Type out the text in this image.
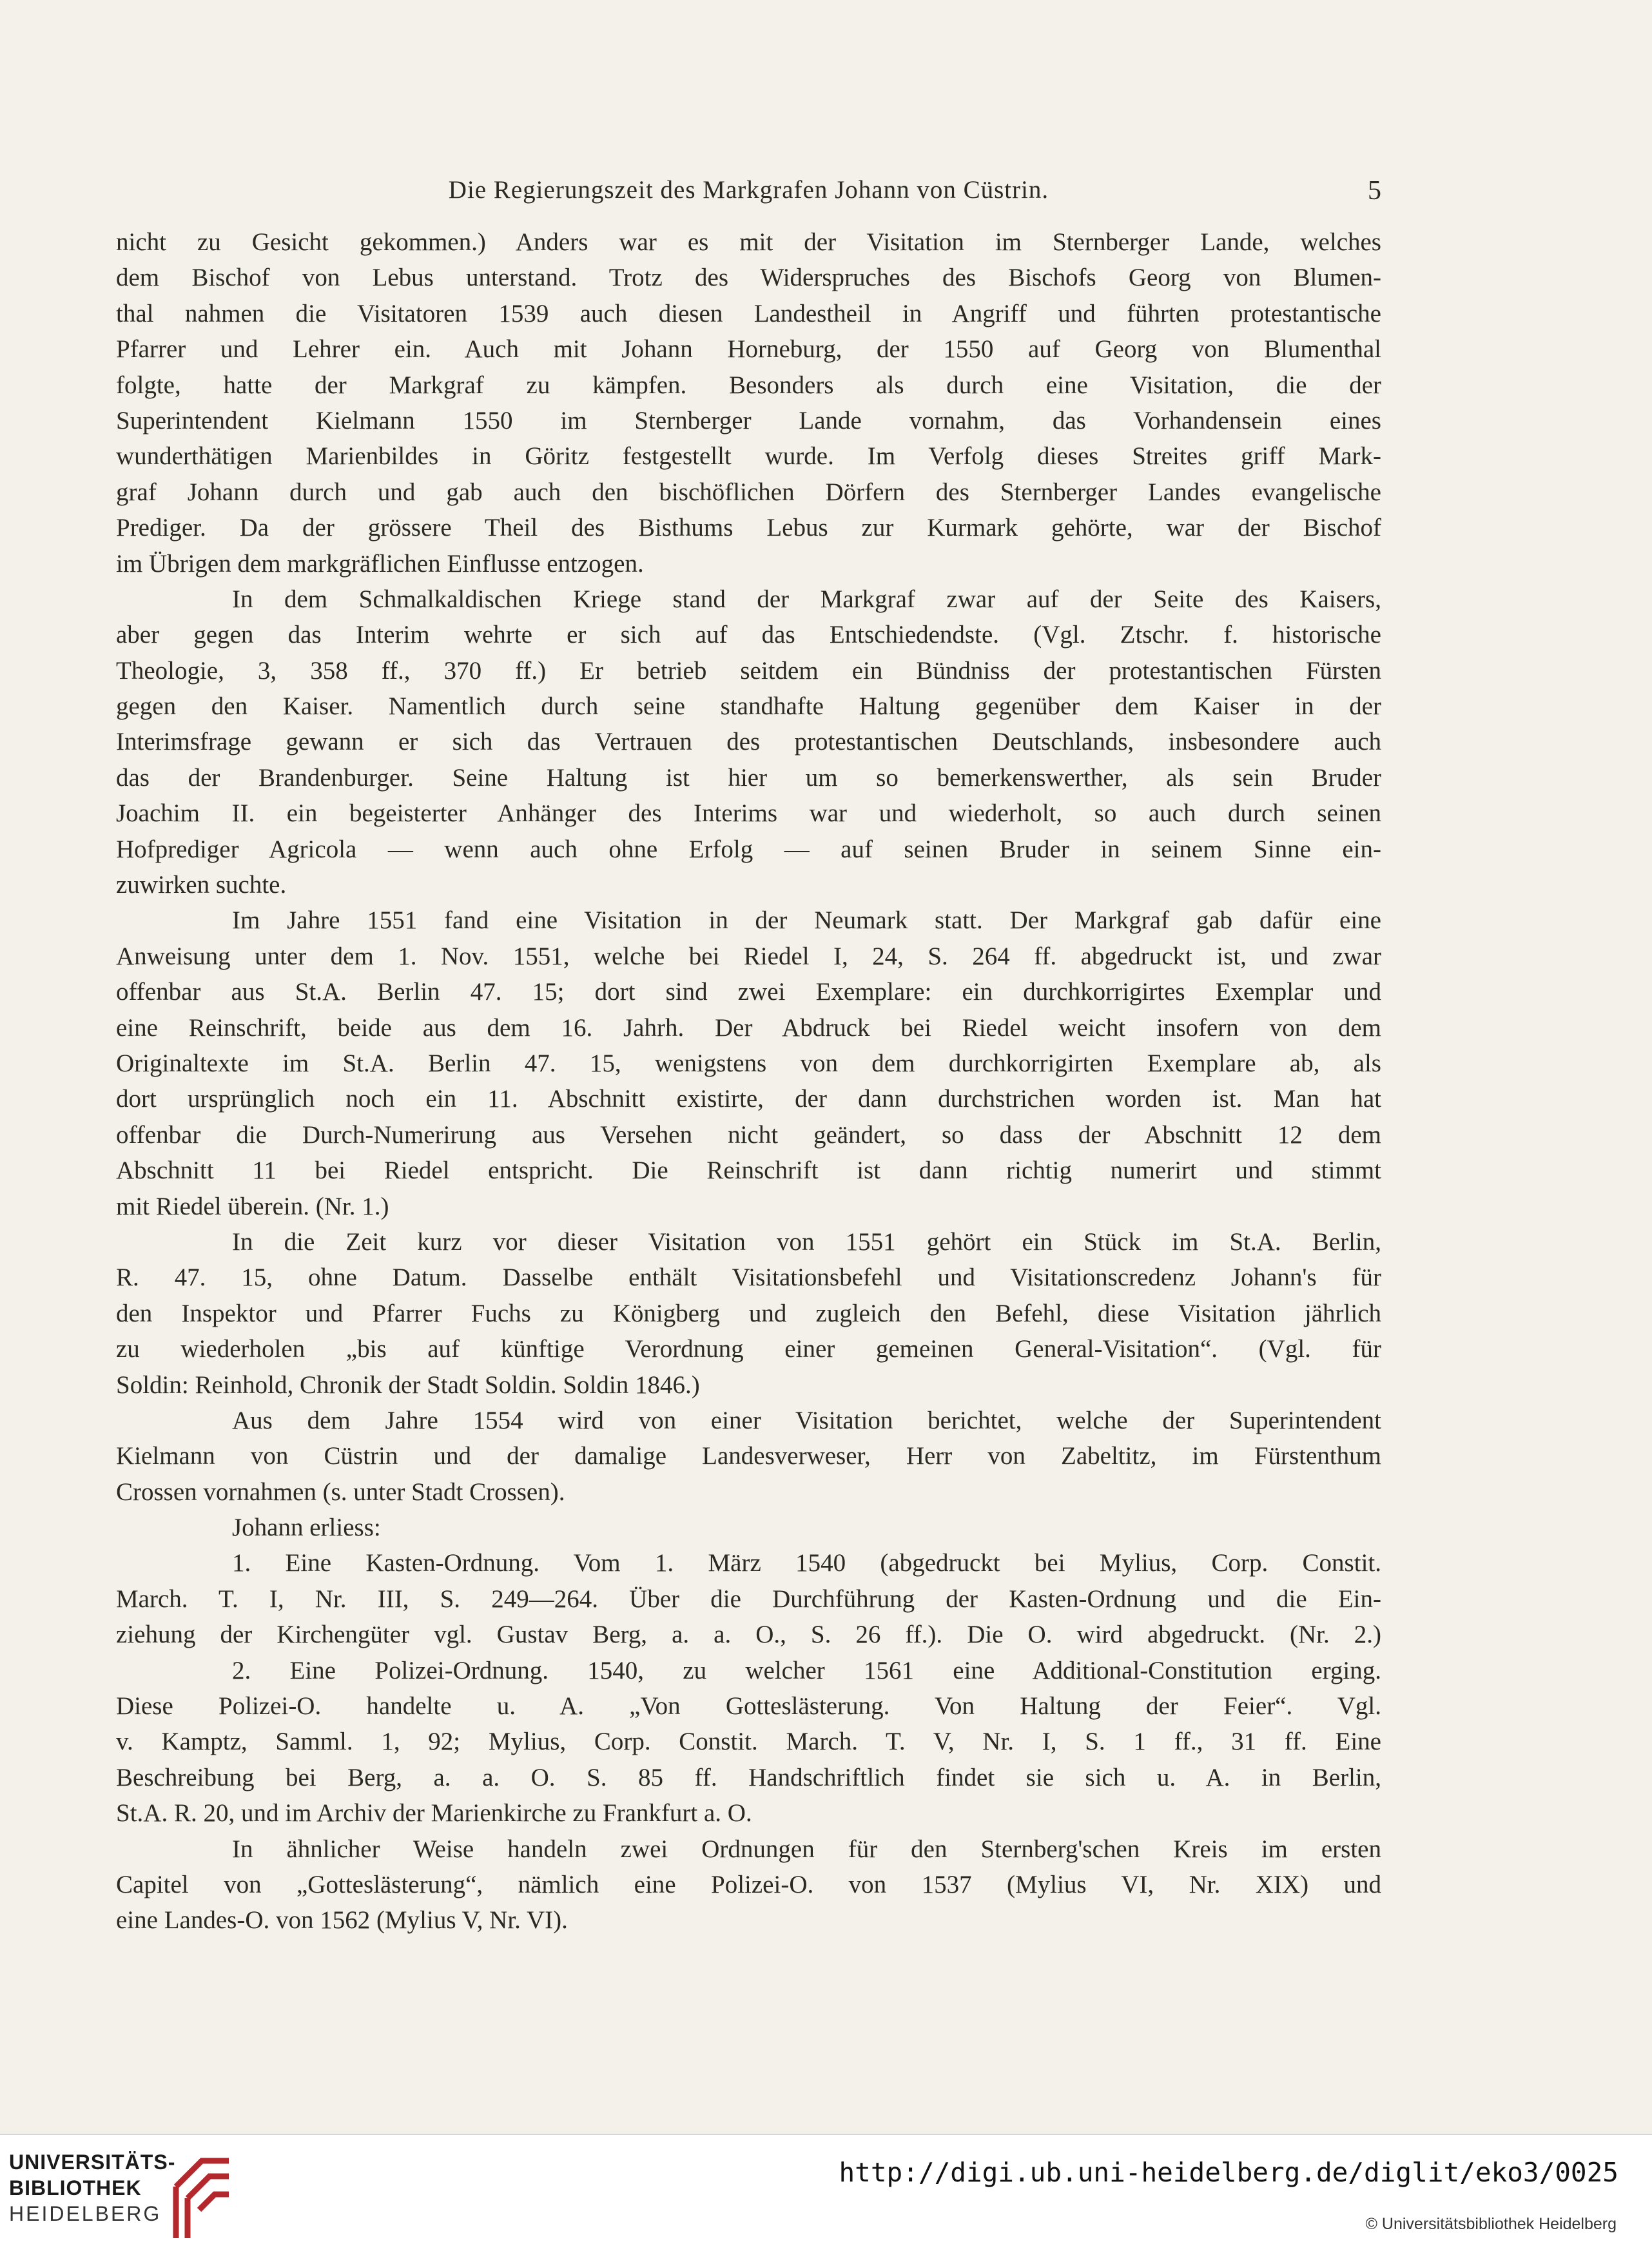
Die Regierungszeit des Markgrafen Johann von Cüstrin.	5
nicht zu Gesicht gekommen.) Anders war es mit der Visitation im Sternberger Lande, welches
dem Bischof von Lebus unterstand. Trotz des Widerspruches des Bischofs Georg von Blumen-
thal nahmen die Visitatoren 1539 auch diesen Landestheil in Angriff und führten protestantische
Pfarrer und Lehrer ein. Auch mit Johann Horneburg, der 1550 auf Georg von Blumenthal
folgte, hatte der Markgraf zu kämpfen. Besonders als durch eine Visitation, die der
Superintendent Kielmann 1550 im Sternberger Lande vornahm, das Vorhandensein eines
wunderthätigen Marienbildes in Göritz festgestellt wurde. Im Verfolg dieses Streites griff Mark-
graf Johann durch und gab auch den bischöflichen Dörfern des Sternberger Landes evangelische
Prediger. Da der grössere Theil des Bisthums Lebus zur Kurmark gehörte, war der Bischof
im Übrigen dem markgräflichen Einflusse entzogen.
In dem Schmalkaldischen Kriege stand der Markgraf zwar auf der Seite des Kaisers,
aber gegen das Interim wehrte er sich auf das Entschiedendste. (Vgl. Ztschr. f. historische
Theologie, 3, 358 ff., 370 ff.) Er betrieb seitdem ein Bündniss der protestantischen Fürsten
gegen den Kaiser. Namentlich durch seine standhafte Haltung gegenüber dem Kaiser in der
Interimsfrage gewann er sich das Vertrauen des protestantischen Deutschlands, insbesondere auch
das der Brandenburger. Seine Haltung ist hier um so bemerkenswerther, als sein Bruder
Joachim II. ein begeisterter Anhänger des Interims war und wiederholt, so auch durch seinen
Hofprediger Agricola — wenn auch ohne Erfolg — auf seinen Bruder in seinem Sinne ein-
zuwirken suchte.
Im Jahre 1551 fand eine Visitation in der Neumark statt. Der Markgraf gab dafür eine
Anweisung unter dem 1. Nov. 1551, welche bei Riedel I, 24, S. 264 ff. abgedruckt ist, und zwar
offenbar aus St.A. Berlin 47. 15; dort sind zwei Exemplare: ein durchkorrigirtes Exemplar und
eine Reinschrift, beide aus dem 16. Jahrh. Der Abdruck bei Riedel weicht insofern von dem
Originaltexte im St.A. Berlin 47. 15, wenigstens von dem durchkorrigirten Exemplare ab, als
dort ursprünglich noch ein 11. Abschnitt existirte, der dann durchstrichen worden ist. Man hat
offenbar die Durch-Numerirung aus Versehen nicht geändert, so dass der Abschnitt 12 dem
Abschnitt 11 bei Riedel entspricht. Die Reinschrift ist dann richtig numerirt und stimmt
mit Riedel überein. (Nr. 1.)
In die Zeit kurz vor dieser Visitation von 1551 gehört ein Stück im St.A. Berlin,
R. 47. 15, ohne Datum. Dasselbe enthält Visitationsbefehl und Visitationscredenz Johann's für
den Inspektor und Pfarrer Fuchs zu Königberg und zugleich den Befehl, diese Visitation jährlich
zu wiederholen „bis auf künftige Verordnung einer gemeinen General-Visitation“. (Vgl. für
Soldin: Reinhold, Chronik der Stadt Soldin. Soldin 1846.)
Aus dem Jahre 1554 wird von einer Visitation berichtet, welche der Superintendent
Kielmann von Cüstrin und der damalige Landesverweser, Herr von Zabeltitz, im Fürstenthum
Crossen vornahmen (s. unter Stadt Crossen).
Johann erliess:
1. Eine Kasten-Ordnung. Vom 1. März 1540 (abgedruckt bei Mylius, Corp. Constit.
March. T. I, Nr. III, S. 249—264. Über die Durchführung der Kasten-Ordnung und die Ein-
ziehung der Kirchengüter vgl. Gustav Berg, a. a. O., S. 26 ff.). Die O. wird abgedruckt. (Nr. 2.)
2. Eine Polizei-Ordnung. 1540, zu welcher 1561 eine Additional-Constitution erging.
Diese Polizei-O. handelte u. A. „Von Gotteslästerung. Von Haltung der Feier“. Vgl.
v. Kamptz, Samml. 1, 92; Mylius, Corp. Constit. March. T. V, Nr. I, S. 1 ff., 31 ff. Eine
Beschreibung bei Berg, a. a. O. S. 85 ff. Handschriftlich findet sie sich u. A. in Berlin,
St.A. R. 20, und im Archiv der Marienkirche zu Frankfurt a. O.
In ähnlicher Weise handeln zwei Ordnungen für den Sternberg'schen Kreis im ersten
Capitel von „Gotteslästerung“, nämlich eine Polizei-O. von 1537 (Mylius VI, Nr. XIX) und
eine Landes-O. von 1562 (Mylius V, Nr. VI).
UNIVERSITÄTS-
BIBLIOTHEK
HEIDELBERG
http://digi.ub.uni-heidelberg.de/diglit/eko3/0025
© Universitätsbibliothek Heidelberg
